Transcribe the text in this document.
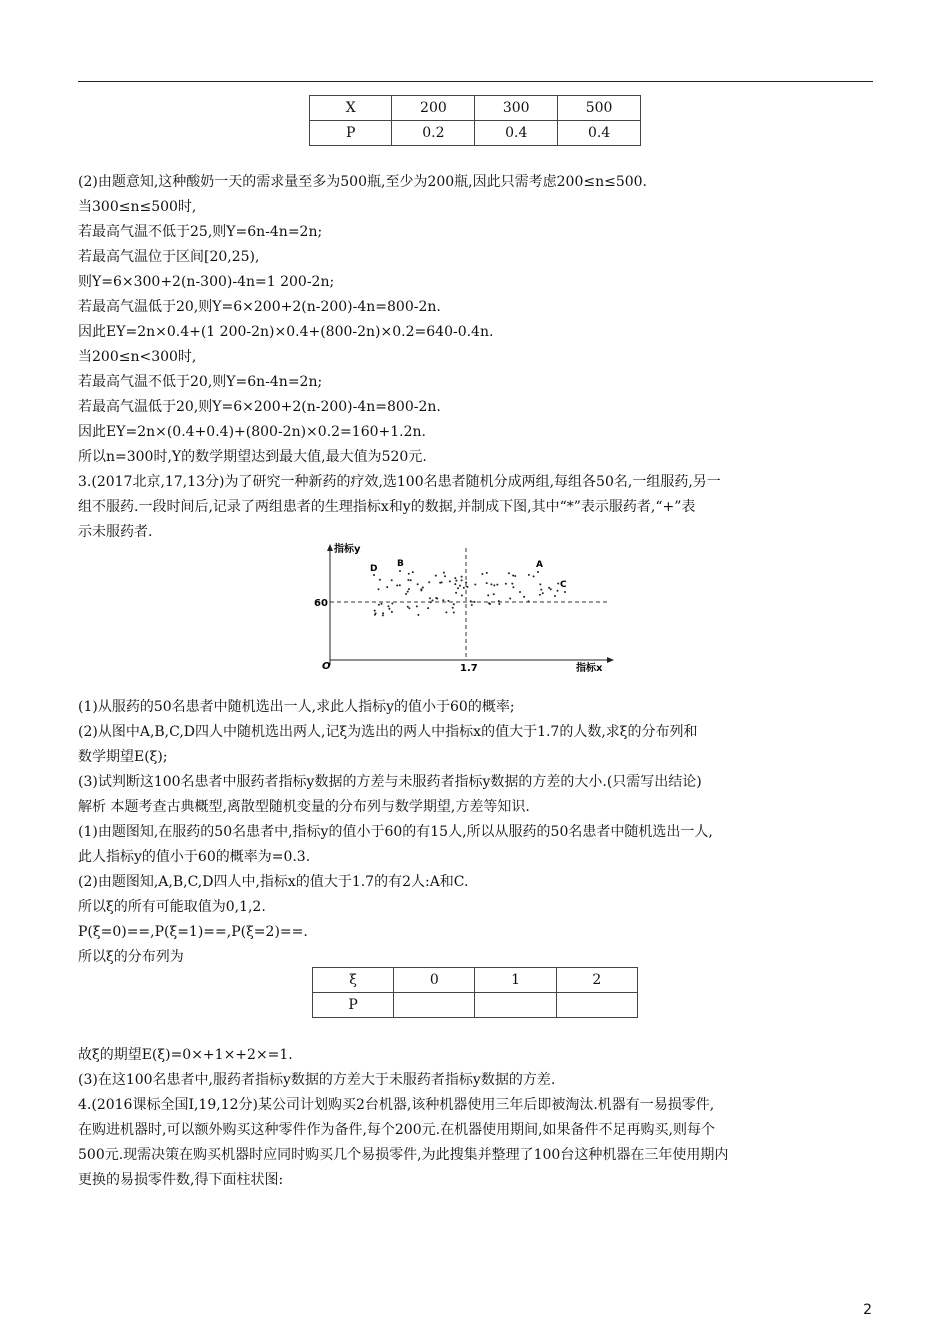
X	200	300	500
P	0.2	0.4	0.4
(2)由题意知,这种酸奶一天的需求量至多为500瓶,至少为200瓶,因此只需考虑200≤n≤500.
当300≤n≤500时,
若最高气温不低于25,则Y=6n-4n=2n;
若最高气温位于区间[20,25),
则Y=6×300+2(n-300)-4n=1 200-2n;
若最高气温低于20,则Y=6×200+2(n-200)-4n=800-2n.
因此EY=2n×0.4+(1 200-2n)×0.4+(800-2n)×0.2=640-0.4n.
当200≤n<300时,
若最高气温不低于20,则Y=6n-4n=2n;
若最高气温低于20,则Y=6×200+2(n-200)-4n=800-2n.
因此EY=2n×(0.4+0.4)+(800-2n)×0.2=160+1.2n.
所以n=300时,Y的数学期望达到最大值,最大值为520元.
3.(2017北京,17,13分)为了研究一种新药的疗效,选100名患者随机分成两组,每组各50名,一组服药,另一
组不服药.一段时间后,记录了两组患者的生理指标x和y的数据,并制成下图,其中“*”表示服药者,“+”表
示未服药者.
指标y
指标x
O
60
1.7
A
B
C
D
(1)从服药的50名患者中随机选出一人,求此人指标y的值小于60的概率;
(2)从图中A,B,C,D四人中随机选出两人,记ξ为选出的两人中指标x的值大于1.7的人数,求ξ的分布列和
数学期望E(ξ);
(3)试判断这100名患者中服药者指标y数据的方差与未服药者指标y数据的方差的大小.(只需写出结论)
解析 本题考查古典概型,离散型随机变量的分布列与数学期望,方差等知识.
(1)由题图知,在服药的50名患者中,指标y的值小于60的有15人,所以从服药的50名患者中随机选出一人,
此人指标y的值小于60的概率为=0.3.
(2)由题图知,A,B,C,D四人中,指标x的值大于1.7的有2人:A和C.
所以ξ的所有可能取值为0,1,2.
P(ξ=0)==,P(ξ=1)==,P(ξ=2)==.
所以ξ的分布列为
ξ	0	1	2
P			
故ξ的期望E(ξ)=0×+1×+2×=1.
(3)在这100名患者中,服药者指标y数据的方差大于未服药者指标y数据的方差.
4.(2016课标全国Ⅰ,19,12分)某公司计划购买2台机器,该种机器使用三年后即被淘汰.机器有一易损零件,
在购进机器时,可以额外购买这种零件作为备件,每个200元.在机器使用期间,如果备件不足再购买,则每个
500元.现需决策在购买机器时应同时购买几个易损零件,为此搜集并整理了100台这种机器在三年使用期内
更换的易损零件数,得下面柱状图:
2
